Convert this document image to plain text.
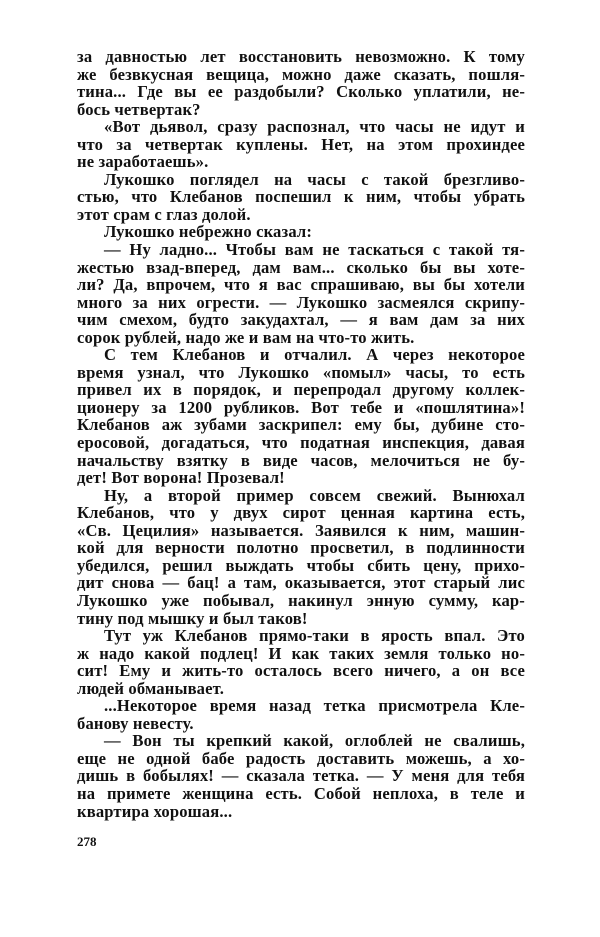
за давностью лет восстановить невозможно. К тому
же безвкусная вещица, можно даже сказать, пошля-
тина... Где вы ее раздобыли? Сколько уплатили, не-
бось четвертак?
«Вот дьявол, сразу распознал, что часы не идут и
что за четвертак куплены. Нет, на этом прохиндее
не заработаешь».
Лукошко поглядел на часы с такой брезгливо-
стью, что Клебанов поспешил к ним, чтобы убрать
этот срам с глаз долой.
Лукошко небрежно сказал:
— Ну ладно... Чтобы вам не таскаться с такой тя-
жестью взад-вперед, дам вам... сколько бы вы хоте-
ли? Да, впрочем, что я вас спрашиваю, вы бы хотели
много за них огрести. — Лукошко засмеялся скрипу-
чим смехом, будто закудахтал, — я вам дам за них
сорок рублей, надо же и вам на что-то жить.
С тем Клебанов и отчалил. А через некоторое
время узнал, что Лукошко «помыл» часы, то есть
привел их в порядок, и перепродал другому коллек-
ционеру за 1200 рубликов. Вот тебе и «пошлятина»!
Клебанов аж зубами заскрипел: ему бы, дубине сто-
еросовой, догадаться, что податная инспекция, давая
начальству взятку в виде часов, мелочиться не бу-
дет! Вот ворона! Прозевал!
Ну, а второй пример совсем свежий. Вынюхал
Клебанов, что у двух сирот ценная картина есть,
«Св. Цецилия» называется. Заявился к ним, машин-
кой для верности полотно просветил, в подлинности
убедился, решил выждать чтобы сбить цену, прихо-
дит снова — бац! а там, оказывается, этот старый лис
Лукошко уже побывал, накинул энную сумму, кар-
тину под мышку и был таков!
Тут уж Клебанов прямо-таки в ярость впал. Это
ж надо какой подлец! И как таких земля только но-
сит! Ему и жить-то осталось всего ничего, а он все
людей обманывает.
...Некоторое время назад тетка присмотрела Кле-
банову невесту.
— Вон ты крепкий какой, оглоблей не свалишь,
еще не одной бабе радость доставить можешь, а хо-
дишь в бобылях! — сказала тетка. — У меня для тебя
на примете женщина есть. Собой неплоха, в теле и
квартира хорошая...
278
